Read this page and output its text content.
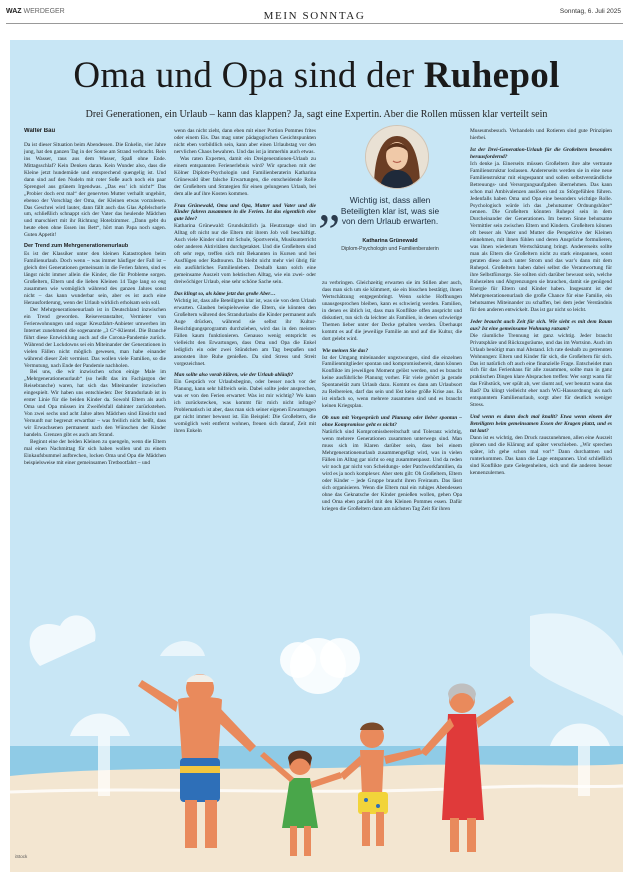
WAZ WERDEGER	MEIN SONNTAG	Sonntag, 6. Juli 2025
Oma und Opa sind der Ruhepol
Drei Generationen, ein Urlaub – kann das klappen? Ja, sagt eine Expertin. Aber die Rollen müssen klar verteilt sein
Walter Bau

Da ist dieser Situation beim Abendessen. Die Enkelin, vier Jahre jung, hat den ganzen Tag in der Sonne am Strand verbracht. Rein ins Wasser, raus aus dem Wasser, Spaß ohne Ende. Mittagsschlaf? Kein Denken daran. Kein Wunder also, dass die Kleine jetzt hundemüde und entsprechend quengelig ist. Und dann sind auf den Nudeln mit roter Soße auch noch ein paar Sprengsel aus grünem Irgendwas. „Das ess’ ich nicht!“ Das „Probier doch erst mal“ der genervten Mutter verhallt ungehört, ebenso der Vorschlag der Oma, der Kleinen etwas vorzulesen. Das Geschrei wird lauter, dann fällt auch das Glas Apfelschorle um, schließlich schnappt sich der Vater das heulende Mädchen und marschiert mit ihr Richtung Hotelzimmer. „Dann gebt du heute eben ohne Essen ins Bett“, hört man Papa noch sagen. Guten Appetit!

Der Trend zum Mehrgenerationenurlaub

Es ist der Klassiker unter den kleinen Katastrophen beim Familienurlaub. Doch wenn – was immer häufiger der Fall ist – gleich drei Generationen gemeinsam in die Ferien fahren, sind es längst nicht immer allein die Kinder, die für Probleme sorgen. Großeltern, Eltern und die lieben Kleinen 14 Tage lang so eng zusammen wie womöglich während des ganzen Jahres sonst nicht – das kann wunderbar sein, aber es ist auch eine Herausforderung, wenn der Urlaub wirklich erholsam sein soll.

Der Mehrgenerationenurlaub ist in Deutschland inzwischen ein Trend geworden. Reiseveranstalter, Vermieter von Ferienwohnungen und sogar Kreuzfahrt-Anbieter umwerben im Internet zunehmend die sogenannte „3 G“-Klientel. Die Branche führt diese Entwicklung auch auf die Corona-Pandemie zurück. Während der Lockdowns sei ein Miteinander der Generationen in vielen Fällen nicht möglich gewesen, man habe einander während dieser Zeit vermisst. Das wollen viele Familien, so die Vermutung, nach Ende der Pandemie nachholen.

Bei uns, die wir inzwischen schon einige Male im „Mehrgenerationenurlaub“ (so heißt das im Fachjargon der Reisebranche) waren, hat sich das Miteinander inzwischen eingespielt. Wir haben uns entschieden: Der Strandurlaub ist in erster Linie für die beiden Kinder da. Sowohl Eltern als auch Oma und Opa müssen im Zweifelsfall dahinter zurückstehen. Von zwei sechs und acht Jahre alten Mädchen sind Einsicht und Vernunft nur begrenzt erwartbar – was freilich nicht heißt, dass wir Erwachsenen permanent nach den Wünschen der Kinder handeln. Grenzen gibt es auch am Strand.

Beginnt eine der beiden Kleinen zu quengeln, wenn die Eltern mal einen Nachmittag für sich haben wollen und zu einem Einkaufsbummel aufbrechen, locken Oma und Opa die Mädchen beispielsweise mit einer gemeinsamen Tretbootfahrt – und

wenn das nicht zieht, dann eben mit einer Portion Pommes frites oder einem Eis. Das mag unter pädagogischen Gesichtspunkten nicht eben vorbildlich sein, kann aber einen Urlaubstag vor den nervlichen Chaos bewahren. Und das ist ja immerhin auch etwas.

Was raten Experten, damit ein Dreigenerationen-Urlaub zu einem entspannten Ferienerlebnis wird? Wir sprachen mit der Kölner Diplom-Psychologin und Familienberaterin Katharina Grünewald über falsche Erwartungen, die entscheidende Rolle der Großeltern und Strategien für einen gelungenen Urlaub, bei dem alle auf ihre Kosten kommen.

Frau Grünewald, Oma und Opa, Mutter und Vater und die Kinder fahren zusammen in die Ferien. Ist das eigentlich eine gute Idee?

Katharina Grünewald: Grundsätzlich ja. Heutzutage sind im Alltag oft nicht nur die Eltern mit ihrem Job voll beschäftigt. Auch viele Kinder sind mit Schule, Sportverein, Musikunterricht oder anderen Aktivitäten durchgetaktet. Und die Großeltern sind oft sehr rege, treffen sich mit Bekannten in Kursen und bei Ausflügen oder Radtouren. Da bleibt nicht mehr viel übrig für ein ausführliches Familienleben. Deshalb kann solch eine gemeinsame Auszeit vom hektischen Alltag, wie ein zwei- oder dreiwöchiger Urlaub, eine sehr schöne Sache sein.

Das klingt so, als käme jetzt das große Aber…

Wichtig ist, dass alle Beteiligten klar ist, was sie von dem Urlaub erwarten. Glauben beispielsweise die Eltern, sie könnten den Großeltern während des Strandurlaubs die Kinder permanent aufs Auge drücken, während sie selbst ihr Kultur-Besichtigungsprogramm durchziehen, wird das in den meisten Fällen kaum funktionieren. Genauso wenig entspricht es vielleicht den Erwartungen, dass Oma und Opa die Enkel lediglich ein oder zwei Stündchen am Tag bespaßen und ansonsten ihre Ruhe genießen. Da sind Stress und Streit vorgezeichnet.

Man sollte also vorab klären, wie der Urlaub abläuft?

Ein Gespräch vor Urlaubsbeginn, oder besser noch vor der Planung, kann sehr hilfreich sein. Dabei sollte jeder ansprechen, was er von den Ferien erwartet: Was ist mir wichtig? Wo kann ich zurückstecken, was kommt für mich nicht infrage? Problematisch ist aber, dass man sich seiner eigenen Erwartungen gar nicht immer bewusst ist. Ein Beispiel: Die Großeltern, die womöglich weit entfernt wohnen, freuen sich darauf, Zeit mit ihren Enkeln

„	Wichtig ist, dass allen Beteiligten klar ist, was sie von dem Urlaub erwarten.
Katharina Grünewald
Diplom-Psychologin und Familienberaterin

zu verbringen. Gleichzeitig erwarten sie im Stillen aber auch, dass man sich um sie kümmert, sie ein bisschen bestätigt, ihnen Wertschätzung entgegenbringt. Wenn solche Hoffnungen unausgesprochen bleiben, kann es schwierig werden. Familien, in denen es üblich ist, dass man Konflikte offen anspricht und diskutiert, tun sich da leichter als Familien, in denen schwierige Themen lieber unter der Decke gehalten werden. Überhaupt kommt es auf die jeweilige Familie an und auf die Kultur, die dort gelebt wird.

Wie meinen Sie das?

Ist der Umgang miteinander ungezwungen, sind die einzelnen Familienmitglieder spontan und kompromissbereit, dann können Konflikte im jeweiligen Moment gelöst werden, und es braucht keine ausführliche Planung vorher. Für viele gehört ja gerade Spontaneität zum Urlaub dazu. Kommt es dann am Urlaubsort zu Reibereien, darf das sein und löst keine größe Krise aus. Es ist einfach so, wenn mehrere zusammen sind und es braucht keinen Kriegsplan.

Ob nun mit Vorgespräch und Planung oder lieber spontan – ohne Kompromisse geht es nicht?

Natürlich sind Kompromissbereitschaft und Toleranz wichtig, wenn mehrere Generationen zusammen unterwegs sind. Man muss sich im Klaren darüber sein, dass bei einem Mehrgenerationenurlaub zusammengefügt wird, was in vielen Fällen im Alltag gar nicht so eng zusammenpasst. Und da reden wir noch gar nicht von Scheidungs- oder Patchworkfamilien, da wird es ja noch komplexer. Aber stets gilt: Oh Großeltern, Eltern oder Kinder – jede Gruppe braucht ihren Freiraum. Das lässt sich organisieren. Wenn die Eltern mal ein ruhiges Abendessen ohne das Geknatsche der Kinder genießen wollen, gehen Opa und Oma eben parallel mit den Kleinen Pommes essen. Dafür kriegen die Großeltern dann am nächsten Tag Zeit für ihren

Museumsbesuch. Verhandeln und Rotieren sind gute Prinzipien hierbei.

Ist der Drei-Generation-Urlaub für die Großeltern besonders herausfordernd?

Ich denke ja. Einerseits müssen Großeltern ihre alte vertraute Familienstruktur loslassen. Andererseits werden sie in eine neue Familienstruktur mit eingespannt und sollen selbstverständliche Betreuungs- und Versorgungsaufgaben übernehmen. Das kann schon mal Ambivalenzen auslösen und zu Störgefühlen führen. Jedenfalls haben Oma und Opa eine besonders wichtige Rolle. Psychologisch würde ich das „behutsamer Ordnungshüter“ nennen. Die Großeltern könnten Ruhepol sein in dem Durcheinander der Generationen. Im besten Sinne behutsame Vermittler sein zwischen Eltern und Kindern. Großeltern können oft besser als Vater und Mutter die Perspektive der Kleinen einnehmen, mit ihnen fühlen und deren Ansprüche formulieren, was ihnen wiederum Wertschätzung bringt. Andererseits sollte man als Eltern die Großeltern nicht zu stark einspannen, sonst geraten diese auch unter Strom und das war’s dann mit dem Ruhepol. Großeltern haben dabei selbst die Verantwortung für ihre Selbstfürsorge. Sie sollten sich darüber bewusst sein, welche Ruhezeiten und Abgrenzungen sie brauchen, damit sie genügend Energie für Eltern und Kinder haben. Insgesamt ist der Mehrgenerationenurlaub die große Chance für eine Familie, ein behutsames Miteinander zu schaffen, bei dem jeder Verständnis für den anderen entwickelt. Das ist gar nicht so leicht.

Jeder braucht auch Zeit für sich. Wie sieht es mit dem Raum aus? Ist eine gemeinsame Wohnung ratsam?

Die räumliche Trennung ist ganz wichtig. Jeder braucht Privatsphäre und Rückzugsräume, und das im Wortsinn. Auch im Urlaub benötigt man mal Abstand. Ich rate deshalb zu getrennten Wohnungen: Eltern und Kinder für sich, die Großeltern für sich. Das ist natürlich oft auch eine finanzielle Frage. Entscheidet man sich für das Ferienhaus für alle zusammen, sollte man in ganz praktischen Dingen klare Absprachen treffen: Wer sorgt wann für das Frühstück, wer spült ab, wer räumt auf, wer benutzt wann das Bad? Da klingt vielleicht eher nach WG-Hausordnung als nach entspanntem Familienurlaub, sorgt aber für deutlich weniger Stress.

Und wenn es dann doch mal knallt? Etwa wenn einem der Beteiligten beim gemeinsamen Essen der Kragen platzt, und es tut laut?

Dann ist es wichtig, den Druck rauszunehmen, allen eine Auszeit gönnen und die Klärung auf später verschieben. „Wir sprechen später, ich gehe schon mal vor!“ Dann durchatmen und runterkommen. Das kann die Lage entspannen. Und schließlich sind Konflikte gute Gelegenheiten, sich und die anderen besser kennenzulernen.

iStock
